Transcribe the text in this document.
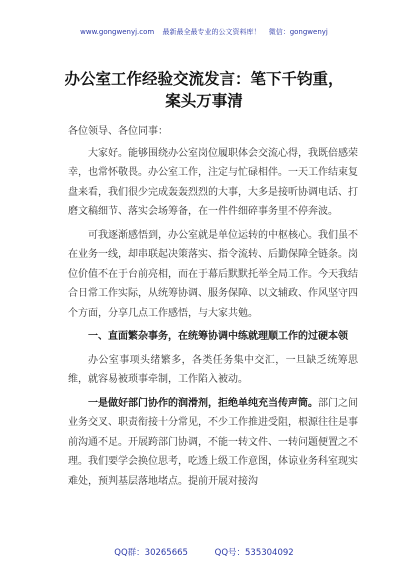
www.gongwenyj.com 最新最全最专业的公文资料库！ 微信：gongwenyj
办公室工作经验交流发言：笔下千钧重，
案头万事清

各位领导、各位同事：

大家好。能够围绕办公室岗位履职体会交流心得，我既倍感荣幸，也常怀敬畏。办公室工作，注定与忙碌相伴。一天工作结束复盘来看，我们很少完成轰轰烈烈的大事，大多是接听协调电话、打磨文稿细节、落实会场筹备，在一件件细碎事务里不停奔波。

可我逐渐感悟到，办公室就是单位运转的中枢核心。我们虽不在业务一线，却串联起决策落实、指令流转、后勤保障全链条。岗位价值不在于台前亮相，而在于幕后默默托举全局工作。今天我结合日常工作实际，从统筹协调、服务保障、以文辅政、作风坚守四个方面，分享几点工作感悟，与大家共勉。

一、直面繁杂事务，在统筹协调中练就理顺工作的过硬本领

办公室事项头绪繁多，各类任务集中交汇，一旦缺乏统筹思维，就容易被琐事牵制，工作陷入被动。

一是做好部门协作的润滑剂，拒绝单纯充当传声筒。部门之间业务交叉、职责衔接十分常见，不少工作推进受阻，根源往往是事前沟通不足。开展跨部门协调，不能一转文件、一转问题便置之不理。我们要学会换位思考，吃透上级工作意图，体谅业务科室现实难处，预判基层落地堵点。提前开展对接沟

QQ群：30265665	QQ号：535304092
